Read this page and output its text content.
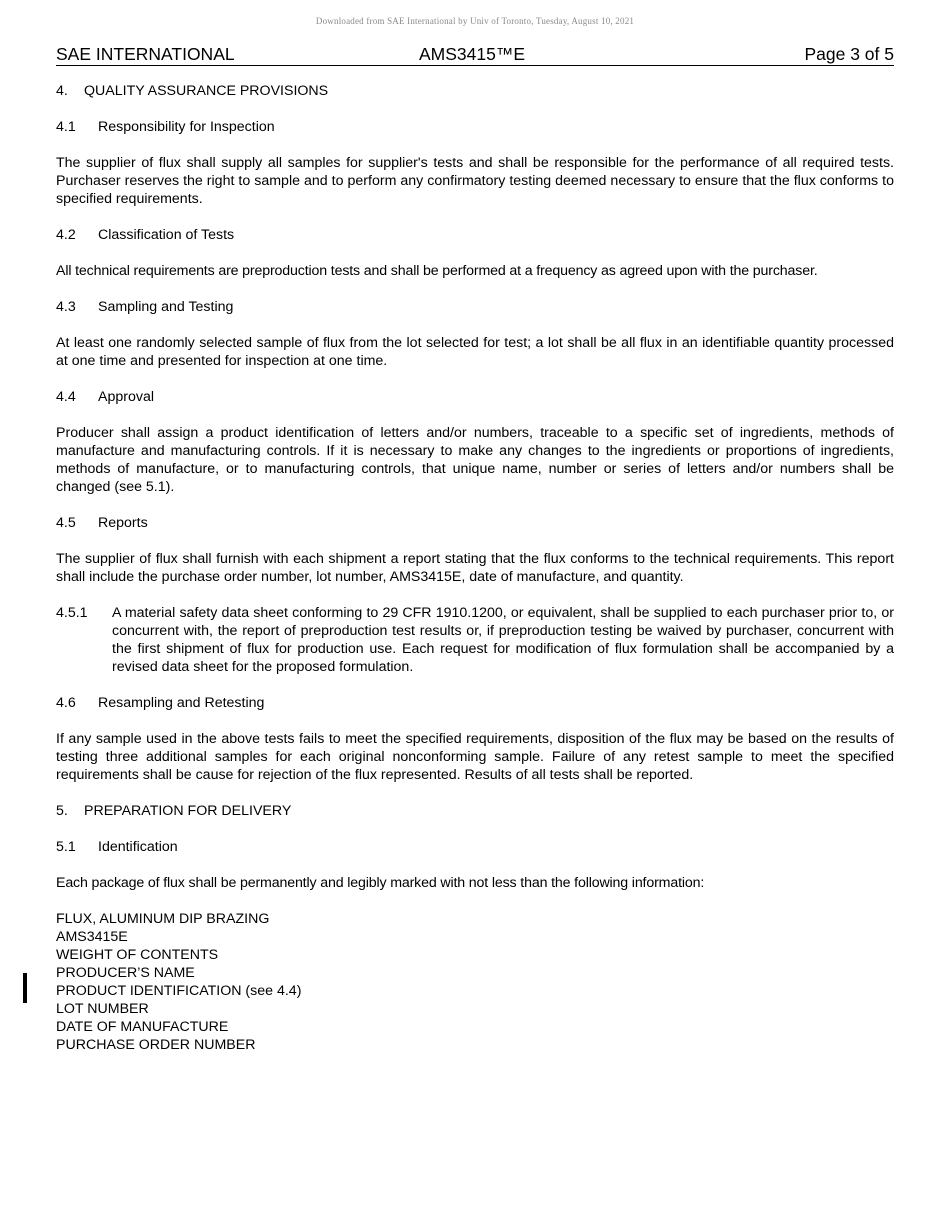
Downloaded from SAE International by Univ of Toronto, Tuesday, August 10, 2021
SAE INTERNATIONAL	AMS3415™E	Page 3 of 5
4. QUALITY ASSURANCE PROVISIONS
4.1 Responsibility for Inspection

The supplier of flux shall supply all samples for supplier's tests and shall be responsible for the performance of all required tests. Purchaser reserves the right to sample and to perform any confirmatory testing deemed necessary to ensure that the flux conforms to specified requirements.

4.2 Classification of Tests

All technical requirements are preproduction tests and shall be performed at a frequency as agreed upon with the purchaser.

4.3 Sampling and Testing

At least one randomly selected sample of flux from the lot selected for test; a lot shall be all flux in an identifiable quantity processed at one time and presented for inspection at one time.

4.4 Approval

Producer shall assign a product identification of letters and/or numbers, traceable to a specific set of ingredients, methods of manufacture and manufacturing controls. If it is necessary to make any changes to the ingredients or proportions of ingredients, methods of manufacture, or to manufacturing controls, that unique name, number or series of letters and/or numbers shall be changed (see 5.1).

4.5 Reports

The supplier of flux shall furnish with each shipment a report stating that the flux conforms to the technical requirements. This report shall include the purchase order number, lot number, AMS3415E, date of manufacture, and quantity.

4.5.1 A material safety data sheet conforming to 29 CFR 1910.1200, or equivalent, shall be supplied to each purchaser prior to, or concurrent with, the report of preproduction test results or, if preproduction testing be waived by purchaser, concurrent with the first shipment of flux for production use. Each request for modification of flux formulation shall be accompanied by a revised data sheet for the proposed formulation.
4.6 Resampling and Retesting

If any sample used in the above tests fails to meet the specified requirements, disposition of the flux may be based on the results of testing three additional samples for each original nonconforming sample. Failure of any retest sample to meet the specified requirements shall be cause for rejection of the flux represented. Results of all tests shall be reported.

5. PREPARATION FOR DELIVERY
5.1 Identification

Each package of flux shall be permanently and legibly marked with not less than the following information:

FLUX, ALUMINUM DIP BRAZING
AMS3415E
WEIGHT OF CONTENTS
PRODUCER’S NAME
PRODUCT IDENTIFICATION (see 4.4)
LOT NUMBER
DATE OF MANUFACTURE
PURCHASE ORDER NUMBER
